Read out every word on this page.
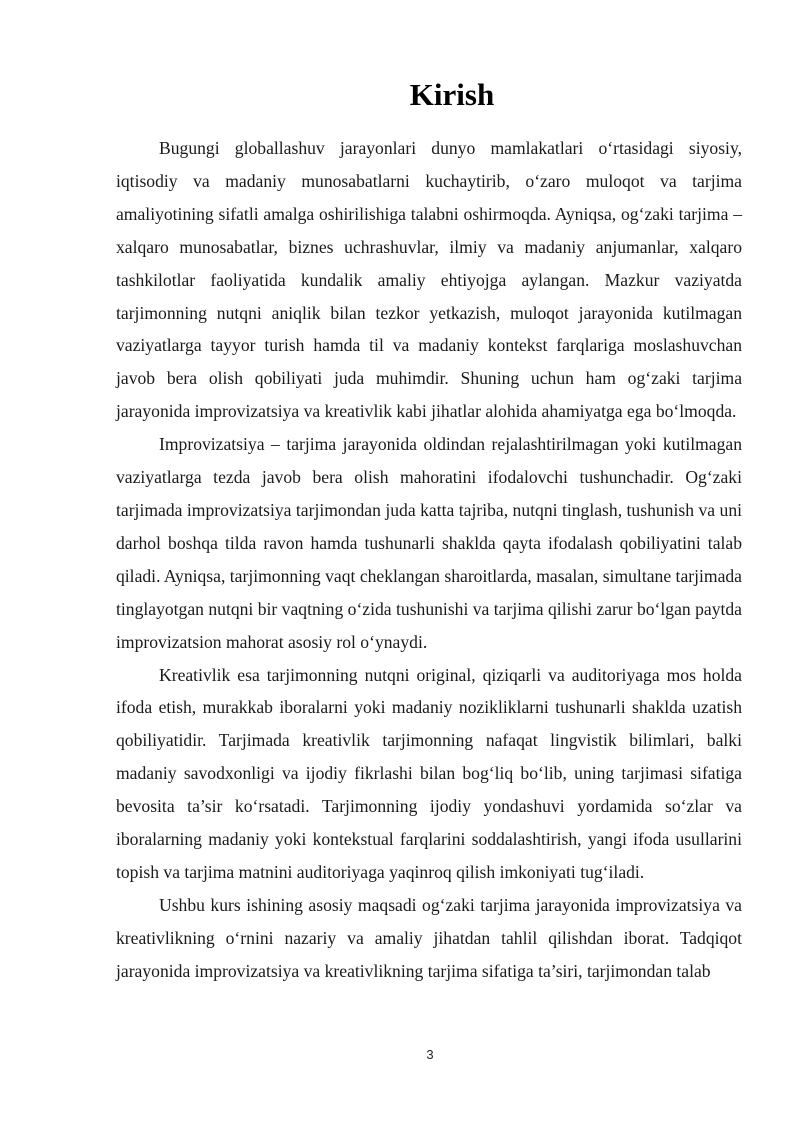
Kirish

Bugungi globallashuv jarayonlari dunyo mamlakatlari o‘rtasidagi siyosiy, iqtisodiy va madaniy munosabatlarni kuchaytirib, o‘zaro muloqot va tarjima amaliyotining sifatli amalga oshirilishiga talabni oshirmoqda. Ayniqsa, og‘zaki tarjima – xalqaro munosabatlar, biznes uchrashuvlar, ilmiy va madaniy anjumanlar, xalqaro tashkilotlar faoliyatida kundalik amaliy ehtiyojga aylangan. Mazkur vaziyatda tarjimonning nutqni aniqlik bilan tezkor yetkazish, muloqot jarayonida kutilmagan vaziyatlarga tayyor turish hamda til va madaniy kontekst farqlariga moslashuvchan javob bera olish qobiliyati juda muhimdir. Shuning uchun ham og‘zaki tarjima jarayonida improvizatsiya va kreativlik kabi jihatlar alohida ahamiyatga ega bo‘lmoqda.

Improvizatsiya – tarjima jarayonida oldindan rejalashtirilmagan yoki kutilmagan vaziyatlarga tezda javob bera olish mahoratini ifodalovchi tushunchadir. Og‘zaki tarjimada improvizatsiya tarjimondan juda katta tajriba, nutqni tinglash, tushunish va uni darhol boshqa tilda ravon hamda tushunarli shaklda qayta ifodalash qobiliyatini talab qiladi. Ayniqsa, tarjimonning vaqt cheklangan sharoitlarda, masalan, simultane tarjimada tinglayotgan nutqni bir vaqtning o‘zida tushunishi va tarjima qilishi zarur bo‘lgan paytda improvizatsion mahorat asosiy rol o‘ynaydi.

Kreativlik esa tarjimonning nutqni original, qiziqarli va auditoriyaga mos holda ifoda etish, murakkab iboralarni yoki madaniy nozikliklarni tushunarli shaklda uzatish qobiliyatidir. Tarjimada kreativlik tarjimonning nafaqat lingvistik bilimlari, balki madaniy savodxonligi va ijodiy fikrlashi bilan bog‘liq bo‘lib, uning tarjimasi sifatiga bevosita ta’sir ko‘rsatadi. Tarjimonning ijodiy yondashuvi yordamida so‘zlar va iboralarning madaniy yoki kontekstual farqlarini soddalashtirish, yangi ifoda usullarini topish va tarjima matnini auditoriyaga yaqinroq qilish imkoniyati tug‘iladi.

Ushbu kurs ishining asosiy maqsadi og‘zaki tarjima jarayonida improvizatsiya va kreativlikning o‘rnini nazariy va amaliy jihatdan tahlil qilishdan iborat. Tadqiqot jarayonida improvizatsiya va kreativlikning tarjima sifatiga ta’siri, tarjimondan talab

3
